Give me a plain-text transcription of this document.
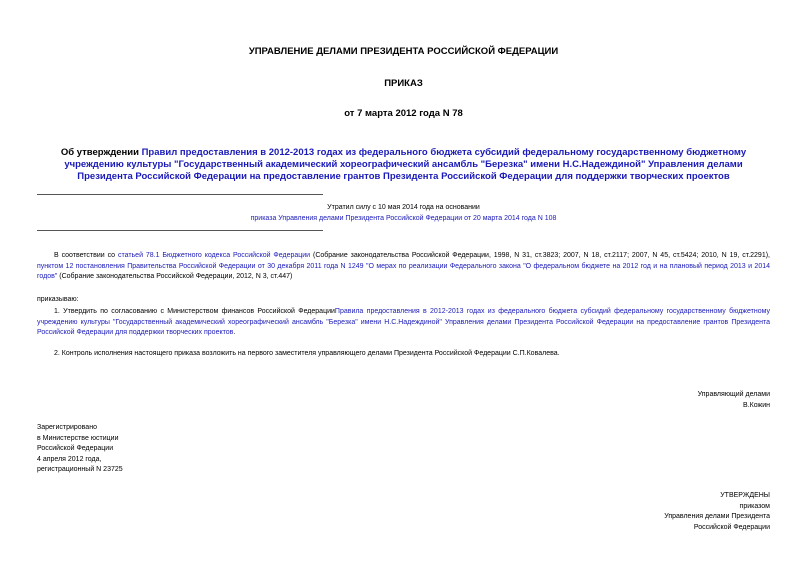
УПРАВЛЕНИЕ ДЕЛАМИ ПРЕЗИДЕНТА РОССИЙСКОЙ ФЕДЕРАЦИИ
ПРИКАЗ
от 7 марта 2012 года N 78
Об утверждении Правил предоставления в 2012-2013 годах из федерального бюджета субсидий федеральному государственному бюджетному учреждению культуры "Государственный академический хореографический ансамбль "Березка" имени Н.С.Надеждиной" Управления делами Президента Российской Федерации на предоставление грантов Президента Российской Федерации для поддержки творческих проектов
Утратил силу с 10 мая 2014 года на основании
приказа Управления делами Президента Российской Федерации от 20 марта 2014 года N 108
В соответствии со статьей 78.1 Бюджетного кодекса Российской Федерации (Собрание законодательства Российской Федерации, 1998, N 31, ст.3823; 2007, N 18, ст.2117; 2007, N 45, ст.5424; 2010, N 19, ст.2291), пунктом 12 постановления Правительства Российской Федерации от 30 декабря 2011 года N 1249 "О мерах по реализации Федерального закона "О федеральном бюджете на 2012 год и на плановый период 2013 и 2014 годов" (Собрание законодательства Российской Федерации, 2012, N 3, ст.447)
приказываю:
1. Утвердить по согласованию с Министерством финансов Российской ФедерацииПравила предоставления в 2012-2013 годах из федерального бюджета субсидий федеральному государственному бюджетному учреждению культуры "Государственный академический хореографический ансамбль "Березка" имени Н.С.Надеждиной" Управления делами Президента Российской Федерации на предоставление грантов Президента Российской Федерации для поддержки творческих проектов.
2. Контроль исполнения настоящего приказа возложить на первого заместителя управляющего делами Президента Российской Федерации С.П.Ковалева.
Управляющий делами
В.Кожин
Зарегистрировано
в Министерстве юстиции
Российской Федерации
4 апреля 2012 года,
регистрационный N 23725
УТВЕРЖДЕНЫ
приказом
Управления делами Президента
Российской Федерации
